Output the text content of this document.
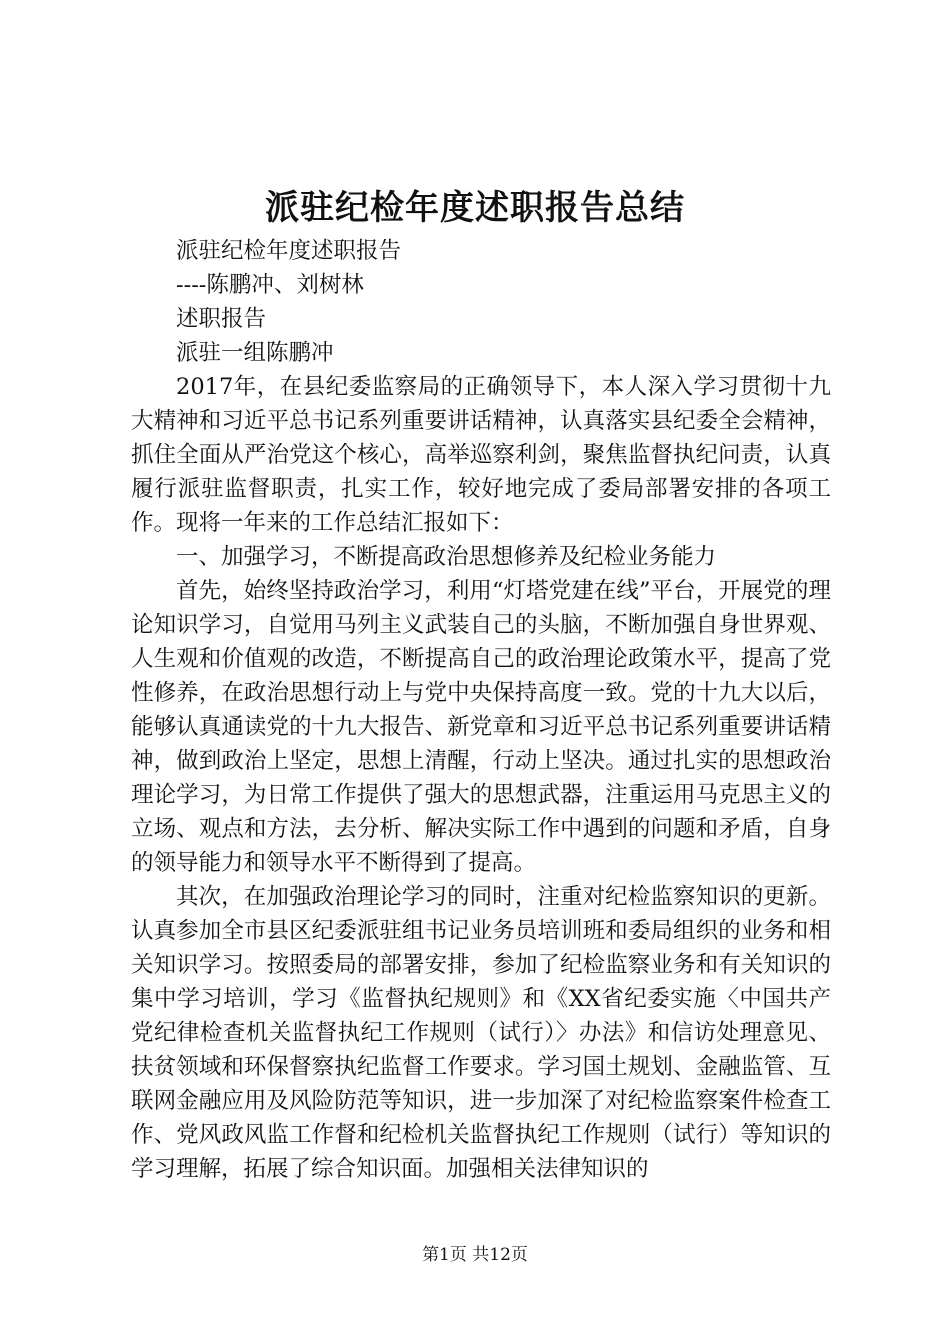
派驻纪检年度述职报告总结

派驻纪检年度述职报告

----陈鹏冲、刘树林

述职报告

派驻一组陈鹏冲

2017年，在县纪委监察局的正确领导下，本人深入学习贯彻十九大精神和习近平总书记系列重要讲话精神，认真落实县纪委全会精神，抓住全面从严治党这个核心，高举巡察利剑，聚焦监督执纪问责，认真履行派驻监督职责，扎实工作，较好地完成了委局部署安排的各项工作。现将一年来的工作总结汇报如下：

一、加强学习，不断提高政治思想修养及纪检业务能力

首先，始终坚持政治学习，利用“灯塔党建在线”平台，开展党的理论知识学习，自觉用马列主义武装自己的头脑，不断加强自身世界观、人生观和价值观的改造，不断提高自己的政治理论政策水平，提高了党性修养，在政治思想行动上与党中央保持高度一致。党的十九大以后，能够认真通读党的十九大报告、新党章和习近平总书记系列重要讲话精神，做到政治上坚定，思想上清醒，行动上坚决。通过扎实的思想政治理论学习，为日常工作提供了强大的思想武器，注重运用马克思主义的立场、观点和方法，去分析、解决实际工作中遇到的问题和矛盾，自身的领导能力和领导水平不断得到了提高。

其次，在加强政治理论学习的同时，注重对纪检监察知识的更新。认真参加全市县区纪委派驻组书记业务员培训班和委局组织的业务和相关知识学习。按照委局的部署安排，参加了纪检监察业务和有关知识的集中学习培训，学习《监督执纪规则》和《XX省纪委实施〈中国共产党纪律检查机关监督执纪工作规则（试行）〉办法》和信访处理意见、扶贫领域和环保督察执纪监督工作要求。学习国土规划、金融监管、互联网金融应用及风险防范等知识，进一步加深了对纪检监察案件检查工作、党风政风监工作督和纪检机关监督执纪工作规则（试行）等知识的学习理解，拓展了综合知识面。加强相关法律知识的

第1页 共12页
